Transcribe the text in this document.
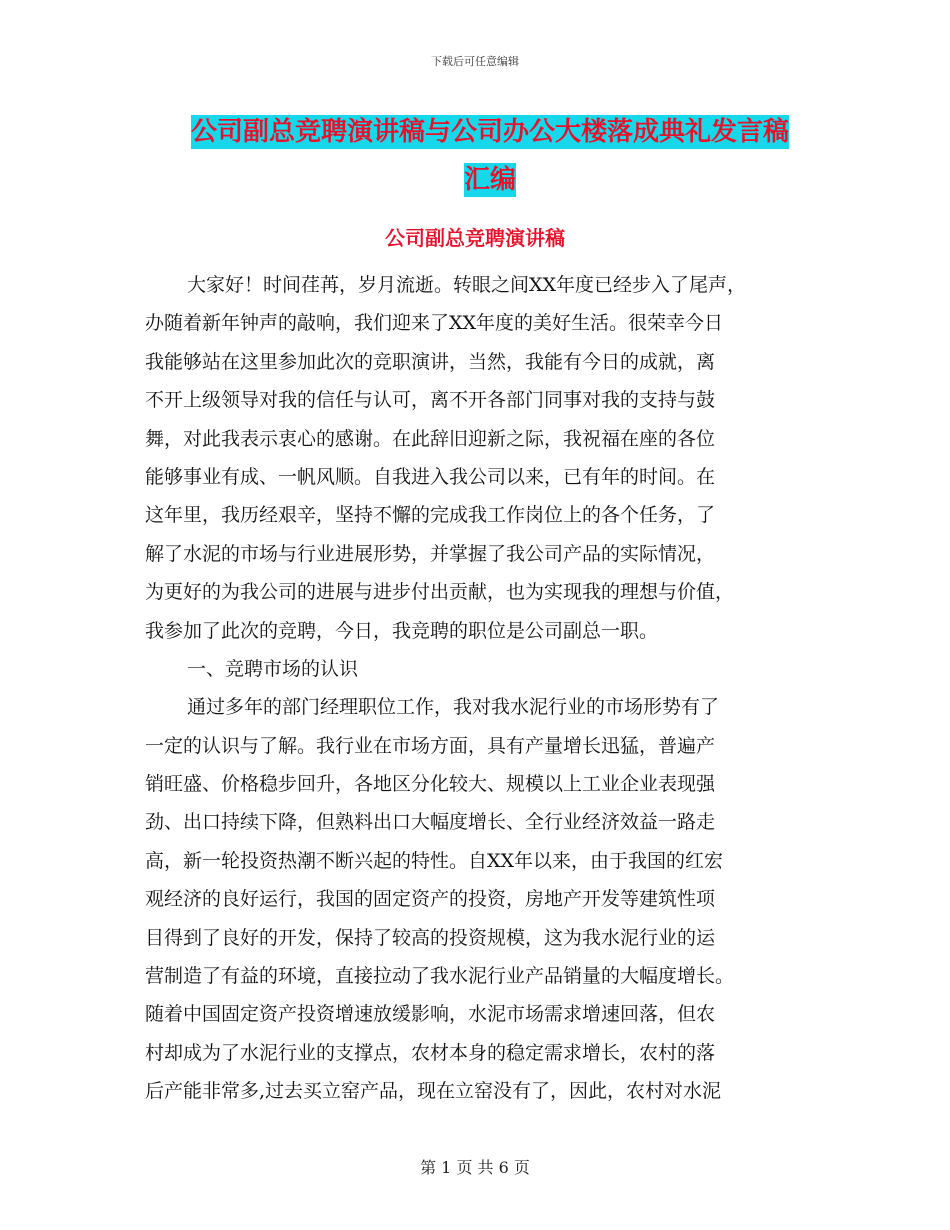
下载后可任意编辑
公司副总竞聘演讲稿与公司办公大楼落成典礼发言稿
汇编
公司副总竞聘演讲稿
大家好！时间荏苒，岁月流逝。转眼之间XX年度已经步入了尾声，
办随着新年钟声的敲响，我们迎来了XX年度的美好生活。很荣幸今日
我能够站在这里参加此次的竞职演讲，当然，我能有今日的成就，离
不开上级领导对我的信任与认可，离不开各部门同事对我的支持与鼓
舞，对此我表示衷心的感谢。在此辞旧迎新之际，我祝福在座的各位
能够事业有成、一帆风顺。自我进入我公司以来，已有年的时间。在
这年里，我历经艰辛，坚持不懈的完成我工作岗位上的各个任务，了
解了水泥的市场与行业进展形势，并掌握了我公司产品的实际情况，
为更好的为我公司的进展与进步付出贡献，也为实现我的理想与价值，
我参加了此次的竞聘，今日，我竞聘的职位是公司副总一职。
一、竞聘市场的认识
通过多年的部门经理职位工作，我对我水泥行业的市场形势有了
一定的认识与了解。我行业在市场方面，具有产量增长迅猛，普遍产
销旺盛、价格稳步回升，各地区分化较大、规模以上工业企业表现强
劲、出口持续下降，但熟料出口大幅度增长、全行业经济效益一路走
高，新一轮投资热潮不断兴起的特性。自XX年以来，由于我国的红宏
观经济的良好运行，我国的固定资产的投资，房地产开发等建筑性项
目得到了良好的开发，保持了较高的投资规模，这为我水泥行业的运
营制造了有益的环境，直接拉动了我水泥行业产品销量的大幅度增长。
随着中国固定资产投资增速放缓影响，水泥市场需求增速回落，但农
村却成为了水泥行业的支撑点，农材本身的稳定需求增长，农村的落
后产能非常多,过去买立窑产品，现在立窑没有了，因此，农村对水泥
第 1 页 共 6 页
